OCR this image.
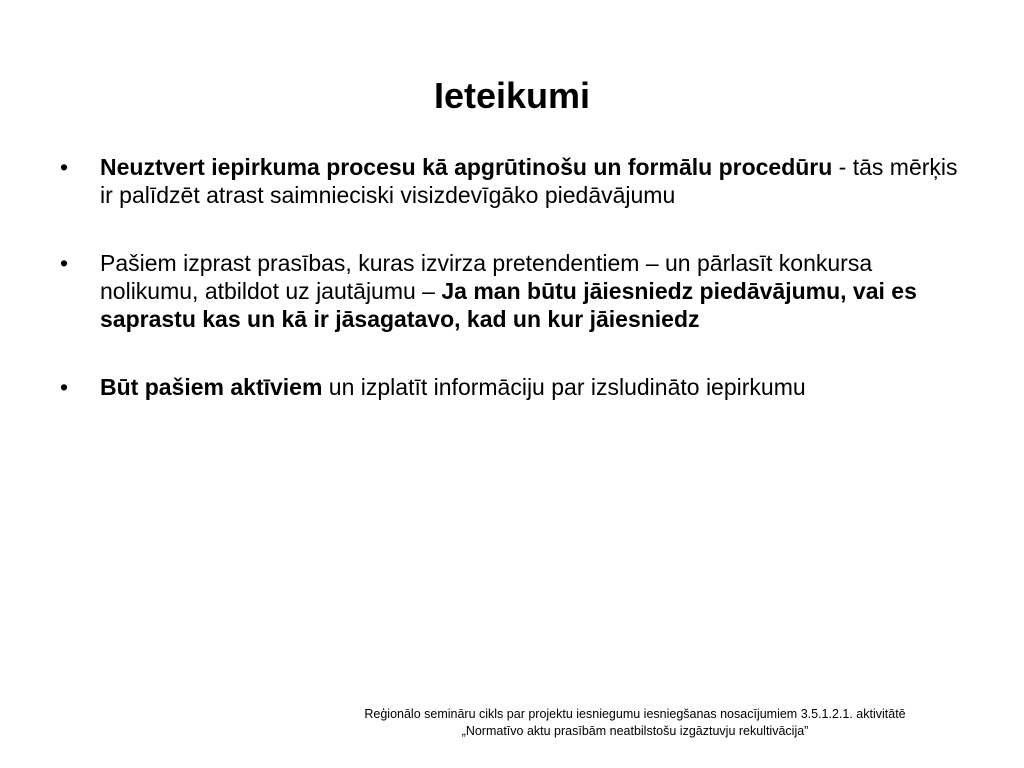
Ieteikumi
• Neuztvert iepirkuma procesu kā apgrūtinošu un formālu procedūru - tās mērķis ir palīdzēt atrast saimnieciski visizdevīgāko piedāvājumu
• Pašiem izprast prasības, kuras izvirza pretendentiem – un pārlasīt konkursa nolikumu, atbildot uz jautājumu – Ja man būtu jāiesniedz piedāvājumu, vai es saprastu kas un kā ir jāsagatavo, kad un kur jāiesniedz
• Būt pašiem aktīviem un izplatīt informāciju par izsludināto iepirkumu
Reģionālo semināru cikls par projektu iesniegumu iesniegšanas nosacījumiem 3.5.1.2.1. aktivitātē
„Normatīvo aktu prasībām neatbilstošu izgāztuvju rekultivācija”
